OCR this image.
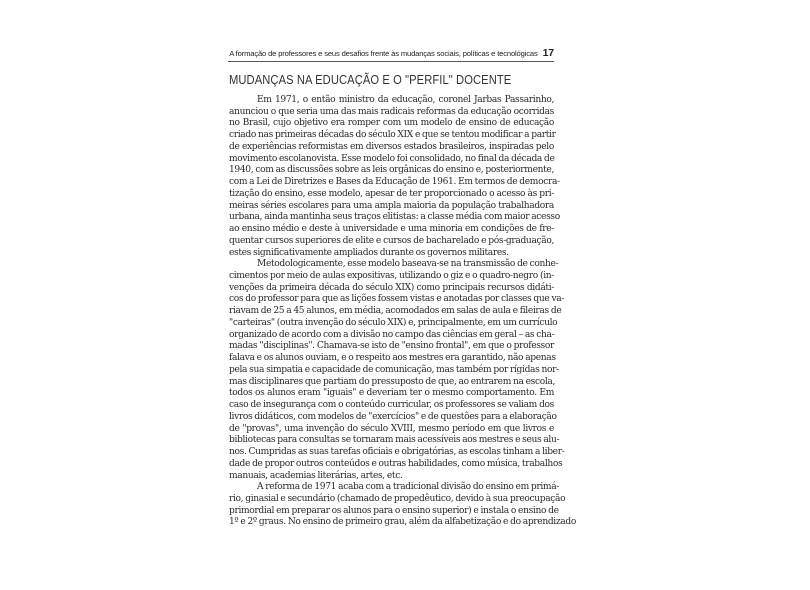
A formação de professores e seus desafios frente às mudanças sociais, políticas e tecnológicas 17
MUDANÇAS NA EDUCAÇÃO E O "PERFIL" DOCENTE
Em 1971, o então ministro da educação, coronel Jarbas Passarinho,
anunciou o que seria uma das mais radicais reformas da educação ocorridas
no Brasil, cujo objetivo era romper com um modelo de ensino de educação
criado nas primeiras décadas do século XIX e que se tentou modificar a partir
de experiências reformistas em diversos estados brasileiros, inspiradas pelo
movimento escolanovista. Esse modelo foi consolidado, no final da década de
1940, com as discussões sobre as leis orgânicas do ensino e, posteriormente,
com a Lei de Diretrizes e Bases da Educação de 1961. Em termos de democra-
tização do ensino, esse modelo, apesar de ter proporcionado o acesso às pri-
meiras séries escolares para uma ampla maioria da população trabalhadora
urbana, ainda mantinha seus traços elitistas: a classe média com maior acesso
ao ensino médio e deste à universidade e uma minoria em condições de fre-
quentar cursos superiores de elite e cursos de bacharelado e pós-graduação,
estes significativamente ampliados durante os governos militares.
Metodologicamente, esse modelo baseava-se na transmissão de conhe-
cimentos por meio de aulas expositivas, utilizando o giz e o quadro-negro (in-
venções da primeira década do século XIX) como principais recursos didáti-
cos do professor para que as lições fossem vistas e anotadas por classes que va-
riavam de 25 a 45 alunos, em média, acomodados em salas de aula e fileiras de
"carteiras" (outra invenção do século XIX) e, principalmente, em um currículo
organizado de acordo com a divisão no campo das ciências em geral – as cha-
madas "disciplinas". Chamava-se isto de "ensino frontal", em que o professor
falava e os alunos ouviam, e o respeito aos mestres era garantido, não apenas
pela sua simpatia e capacidade de comunicação, mas também por rígidas nor-
mas disciplinares que partiam do pressuposto de que, ao entrarem na escola,
todos os alunos eram "iguais" e deveriam ter o mesmo comportamento. Em
caso de insegurança com o conteúdo curricular, os professores se valiam dos
livros didáticos, com modelos de "exercícios" e de questões para a elaboração
de "provas", uma invenção do século XVIII, mesmo período em que livros e
bibliotecas para consultas se tornaram mais acessíveis aos mestres e seus alu-
nos. Cumpridas as suas tarefas oficiais e obrigatórias, as escolas tinham a liber-
dade de propor outros conteúdos e outras habilidades, como música, trabalhos
manuais, academias literárias, artes, etc.
A reforma de 1971 acaba com a tradicional divisão do ensino em primá-
rio, ginasial e secundário (chamado de propedêutico, devido à sua preocupação
primordial em preparar os alunos para o ensino superior) e instala o ensino de
1º e 2º graus. No ensino de primeiro grau, além da alfabetização e do aprendizado
